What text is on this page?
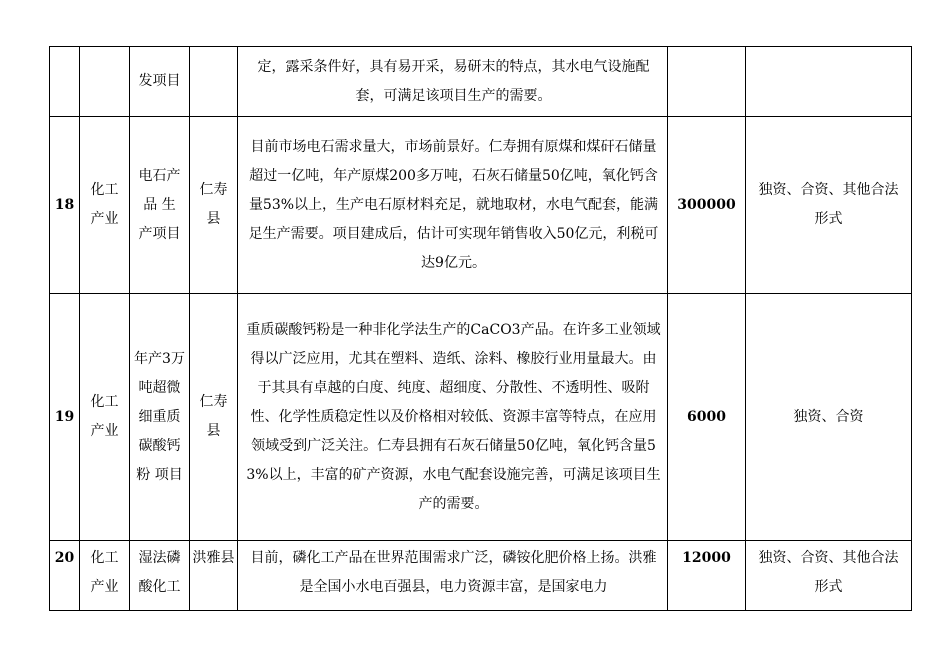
		发项目		定，露采条件好，具有易开采，易研末的特点，其水电气设施配套，可满足该项目生产的需要。		

18	化工产业	电石产品 生产项目	仁寿县	目前市场电石需求量大，市场前景好。仁寿拥有原煤和煤矸石储量超过一亿吨，年产原煤200多万吨，石灰石储量50亿吨，氧化钙含量53%以上，生产电石原材料充足，就地取材，水电气配套，能满足生产需要。项目建成后，估计可实现年销售收入50亿元，利税可达9亿元。	300000	独资、合资、其他合法形式

19	化工产业	年产3万吨超微细重质碳酸钙粉 项目	仁寿县	重质碳酸钙粉是一种非化学法生产的CaCO3产品。在许多工业领域得以广泛应用，尤其在塑料、造纸、涂料、橡胶行业用量最大。由于其具有卓越的白度、纯度、超细度、分散性、不透明性、吸附性、化学性质稳定性以及价格相对较低、资源丰富等特点，在应用领域受到广泛关注。仁寿县拥有石灰石储量50亿吨，氧化钙含量53%以上，丰富的矿产资源，水电气配套设施完善，可满足该项目生产的需要。	6000	独资、合资

20	化工产业	湿法磷酸化工	洪雅县	目前，磷化工产品在世界范围需求广泛，磷铵化肥价格上扬。洪雅是全国小水电百强县，电力资源丰富，是国家电力	12000	独资、合资、其他合法形式
